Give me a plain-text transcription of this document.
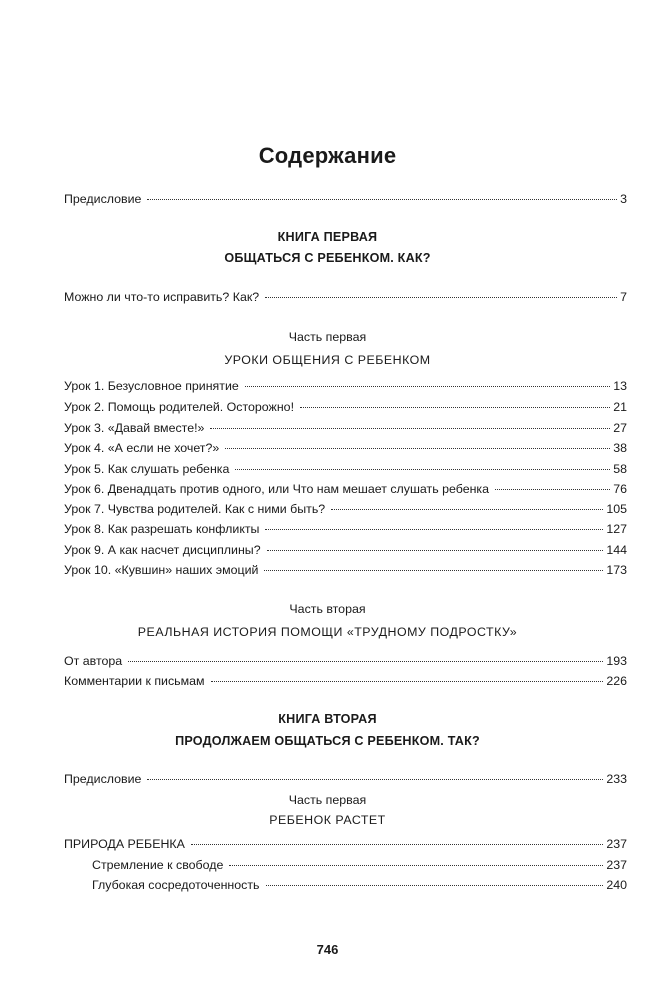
Содержание
Предисловие	3
КНИГА ПЕРВАЯ
ОБЩАТЬСЯ С РЕБЕНКОМ. КАК?
Можно ли что-то исправить? Как?	7
Часть первая
УРОКИ ОБЩЕНИЯ С РЕБЕНКОМ
Урок 1. Безусловное принятие	13
Урок 2. Помощь родителей. Осторожно!	21
Урок 3. «Давай вместе!»	27
Урок 4. «А если не хочет?»	38
Урок 5. Как слушать ребенка	58
Урок 6. Двенадцать против одного, или Что нам мешает слушать ребенка	76
Урок 7. Чувства родителей. Как с ними быть?	105
Урок 8. Как разрешать конфликты	127
Урок 9. А как насчет дисциплины?	144
Урок 10. «Кувшин» наших эмоций	173
Часть вторая
РЕАЛЬНАЯ ИСТОРИЯ ПОМОЩИ «ТРУДНОМУ ПОДРОСТКУ»
От автора	193
Комментарии к письмам	226
КНИГА ВТОРАЯ
ПРОДОЛЖАЕМ ОБЩАТЬСЯ С РЕБЕНКОМ. ТАК?
Предисловие	233
Часть первая
РЕБЕНОК РАСТЕТ
ПРИРОДА РЕБЕНКА	237
Стремление к свободе	237
Глубокая сосредоточенность	240
746
